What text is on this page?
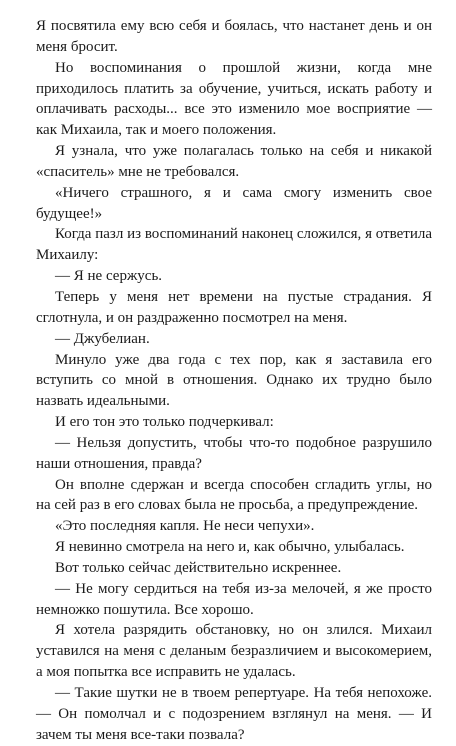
Я посвятила ему всю себя и боялась, что настанет день и он меня бросит.

Но воспоминания о прошлой жизни, когда мне приходилось платить за обучение, учиться, искать работу и оплачивать расходы... все это изменило мое восприятие — как Михаила, так и моего положения.

Я узнала, что уже полагалась только на себя и никакой «спаситель» мне не требовался.

«Ничего страшного, я и сама смогу изменить свое будущее!»

Когда пазл из воспоминаний наконец сложился, я ответила Михаилу:

— Я не сержусь.

Теперь у меня нет времени на пустые страдания. Я сглотнула, и он раздраженно посмотрел на меня.

— Джубелиан.

Минуло уже два года с тех пор, как я заставила его вступить со мной в отношения. Однако их трудно было назвать идеальными.

И его тон это только подчеркивал:

— Нельзя допустить, чтобы что-то подобное разрушило наши отношения, правда?

Он вполне сдержан и всегда способен сгладить углы, но на сей раз в его словах была не просьба, а предупреждение.

«Это последняя капля. Не неси чепухи».

Я невинно смотрела на него и, как обычно, улыбалась.

Вот только сейчас действительно искреннее.

— Не могу сердиться на тебя из-за мелочей, я же просто немножко пошутила. Все хорошо.

Я хотела разрядить обстановку, но он злился. Михаил уставился на меня с деланым безразличием и высокомерием, а моя попытка все исправить не удалась.

— Такие шутки не в твоем репертуаре. На тебя непохоже. — Он помолчал и с подозрением взглянул на меня. — И зачем ты меня все-таки позвала?
